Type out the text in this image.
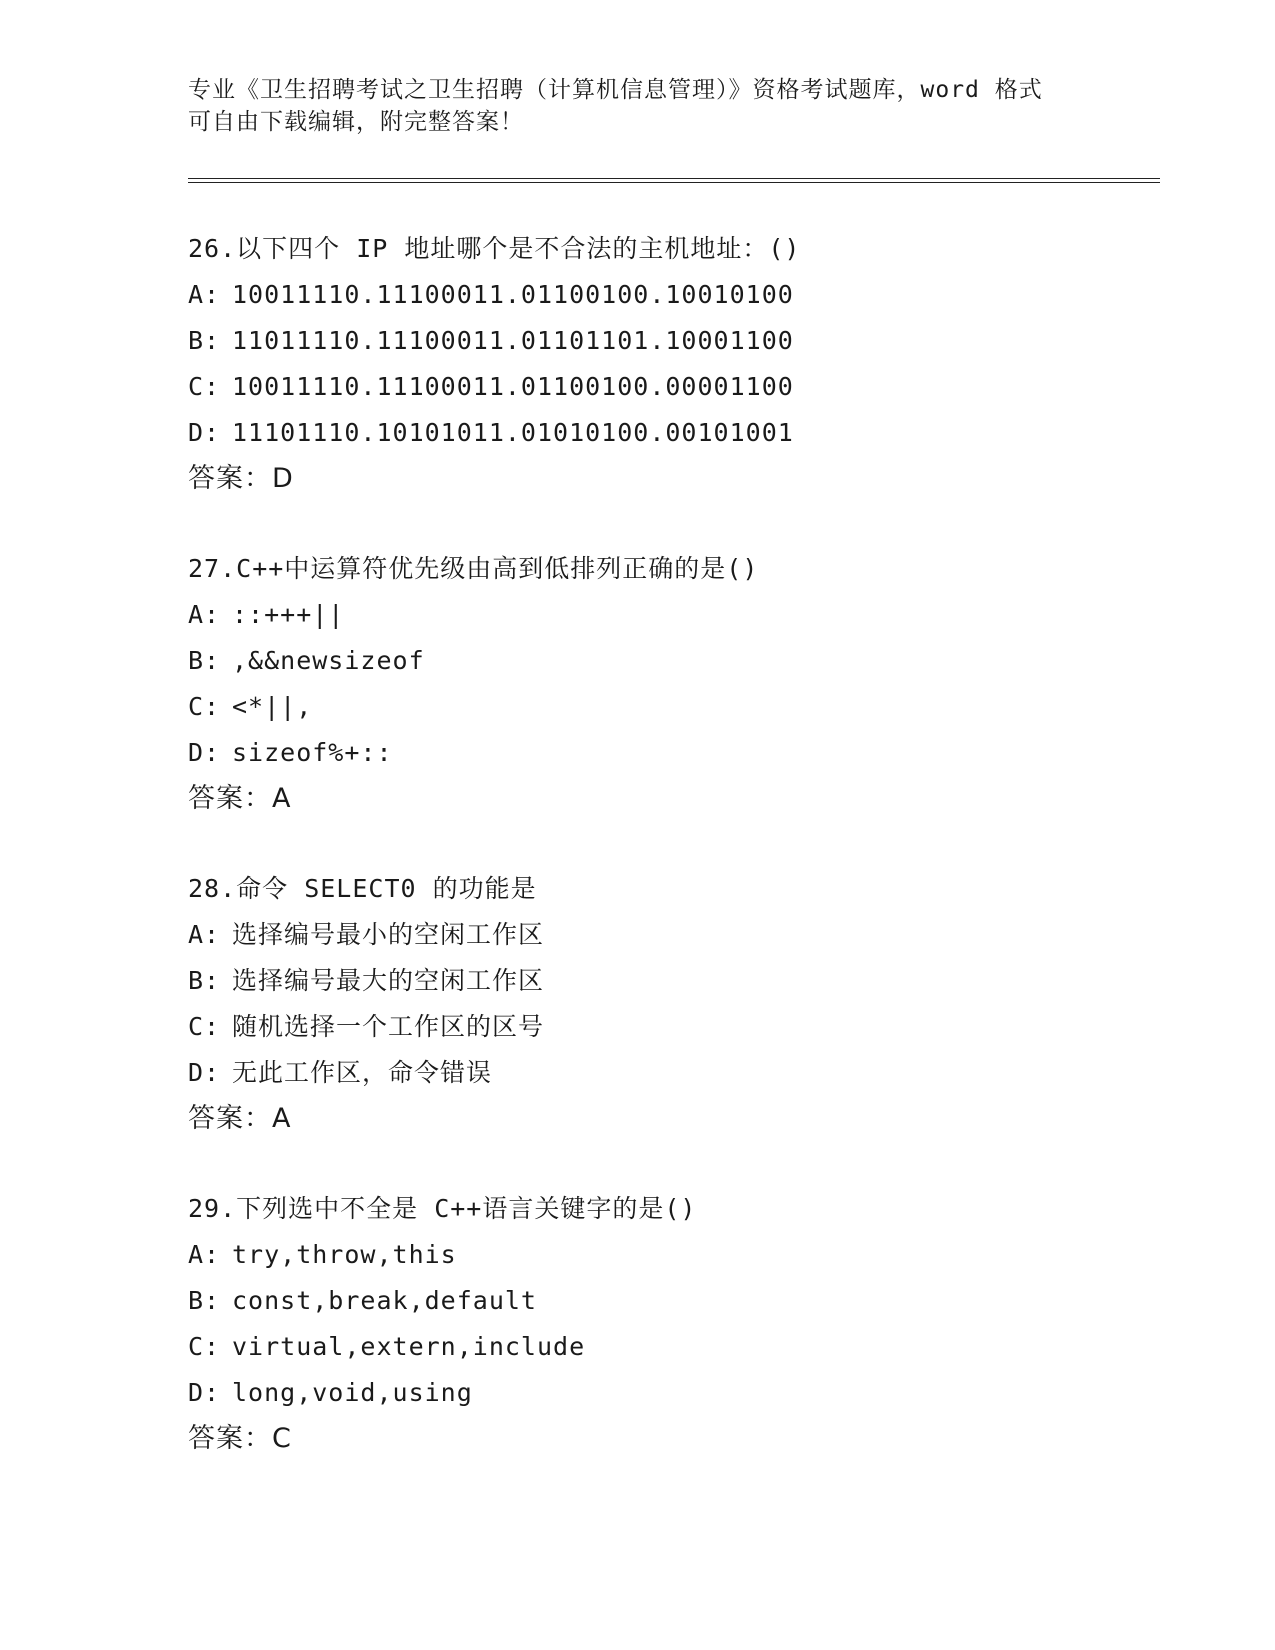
专业《卫生招聘考试之卫生招聘（计算机信息管理）》资格考试题库，word 格式
可自由下载编辑，附完整答案！
26.以下四个 IP 地址哪个是不合法的主机地址：()
A: 10011110.11100011.01100100.10010100
B: 11011110.11100011.01101101.10001100
C: 10011110.11100011.01100100.00001100
D: 11101110.10101011.01010100.00101001
答案：D
27.C++中运算符优先级由高到低排列正确的是()
A: ::+++||
B: ,&&newsizeof
C: <*||,
D: sizeof%+::
答案：A
28.命令 SELECT0 的功能是
A: 选择编号最小的空闲工作区
B: 选择编号最大的空闲工作区
C: 随机选择一个工作区的区号
D: 无此工作区，命令错误
答案：A
29.下列选中不全是 C++语言关键字的是()
A: try,throw,this
B: const,break,default
C: virtual,extern,include
D: long,void,using
答案：C
